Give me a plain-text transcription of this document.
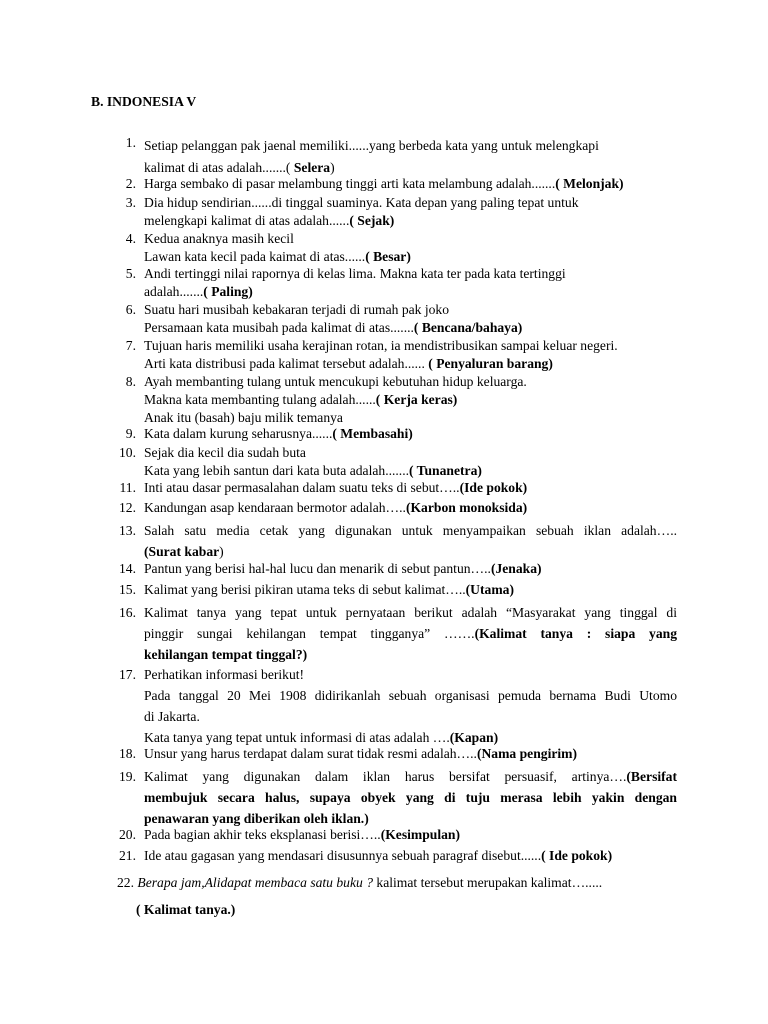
B. INDONESIA V
1. Setiap pelanggan pak jaenal memiliki......yang berbeda kata yang untuk melengkapi
kalimat di atas adalah.......( Selera)
2. Harga sembako di pasar melambung tinggi arti kata melambung adalah.......( Melonjak)
3. Dia hidup sendirian......di tinggal suaminya. Kata depan yang paling tepat untuk
melengkapi kalimat di atas adalah......( Sejak)
4. Kedua anaknya masih kecil
Lawan kata kecil pada kaimat di atas......( Besar)
5. Andi tertinggi nilai rapornya di kelas lima. Makna kata ter pada kata tertinggi
adalah.......( Paling)
6. Suatu hari musibah kebakaran terjadi di rumah pak joko
Persamaan kata musibah pada kalimat di atas.......( Bencana/bahaya)
7. Tujuan haris memiliki usaha kerajinan rotan, ia mendistribusikan sampai keluar negeri.
Arti kata distribusi pada kalimat tersebut adalah...... ( Penyaluran barang)
8. Ayah membanting tulang untuk mencukupi kebutuhan hidup keluarga.
Makna kata membanting tulang adalah......( Kerja keras)
Anak itu (basah) baju milik temanya
9. Kata dalam kurung seharusnya......( Membasahi)
10. Sejak dia kecil dia sudah buta
Kata yang lebih santun dari kata buta adalah.......( Tunanetra)
11. Inti atau dasar permasalahan dalam suatu teks di sebut…..(Ide pokok)
12. Kandungan asap kendaraan bermotor adalah…..(Karbon monoksida)
13. Salah satu media cetak yang digunakan untuk menyampaikan sebuah iklan adalah…..
(Surat kabar)
14. Pantun yang berisi hal-hal lucu dan menarik di sebut pantun…..(Jenaka)
15. Kalimat yang berisi pikiran utama teks di sebut kalimat…..(Utama)
16. Kalimat tanya yang tepat untuk pernyataan berikut adalah “Masyarakat yang tinggal di
pinggir sungai kehilangan tempat tingganya” …….(Kalimat tanya : siapa yang
kehilangan tempat tinggal?)
17. Perhatikan informasi berikut!
Pada tanggal 20 Mei 1908 didirikanlah sebuah organisasi pemuda bernama Budi Utomo
di Jakarta.
Kata tanya yang tepat untuk informasi di atas adalah ….(Kapan)
18. Unsur yang harus terdapat dalam surat tidak resmi adalah…..(Nama pengirim)
19. Kalimat yang digunakan dalam iklan harus bersifat persuasif, artinya….(Bersifat
membujuk secara halus, supaya obyek yang di tuju merasa lebih yakin dengan
penawaran yang diberikan oleh iklan.)
20. Pada bagian akhir teks eksplanasi berisi…..(Kesimpulan)
21. Ide atau gagasan yang mendasari disusunnya sebuah paragraf disebut......( Ide pokok)
22. Berapa jam,Alidapat membaca satu buku ? kalimat tersebut merupakan kalimat….....
( Kalimat tanya.)
